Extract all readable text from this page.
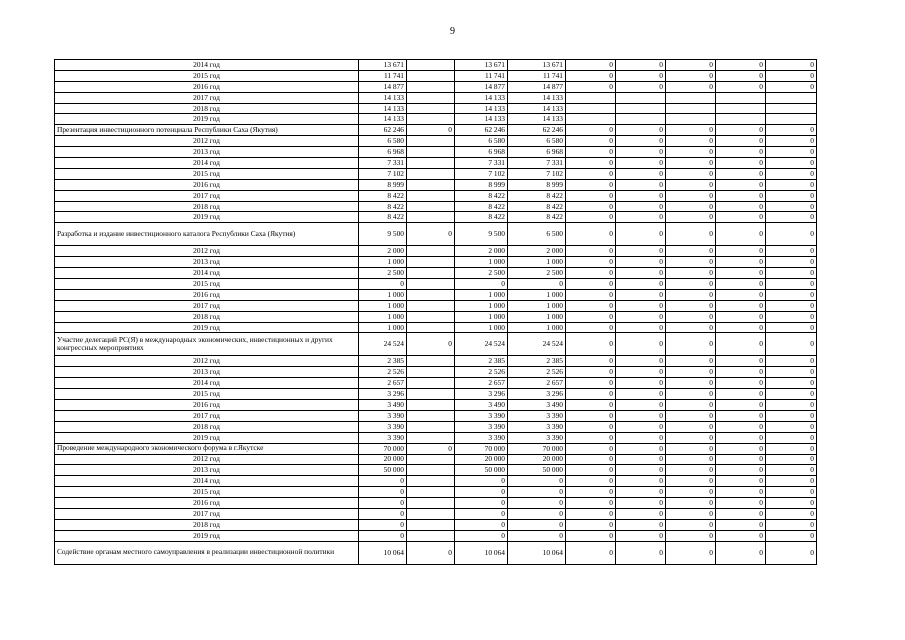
9
2014 год	13 671		13 671	13 671	0	0	0	0	0
2015 год	11 741		11 741	11 741	0	0	0	0	0
2016 год	14 877		14 877	14 877	0	0	0	0	0
2017 год	14 133		14 133	14 133					
2018 год	14 133		14 133	14 133					
2019 год	14 133		14 133	14 133					
Презентация инвестиционного потенциала Республики Саха (Якутия)	62 246	0	62 246	62 246	0	0	0	0	0
2012 год	6 580		6 580	6 580	0	0	0	0	0
2013 год	6 968		6 968	6 968	0	0	0	0	0
2014 год	7 331		7 331	7 331	0	0	0	0	0
2015 год	7 102		7 102	7 102	0	0	0	0	0
2016 год	8 999		8 999	8 999	0	0	0	0	0
2017 год	8 422		8 422	8 422	0	0	0	0	0
2018 год	8 422		8 422	8 422	0	0	0	0	0
2019 год	8 422		8 422	8 422	0	0	0	0	0
Разработка и издание инвестиционного каталога Республики Саха (Якутия)	9 500	0	9 500	6 500	0	0	0	0	0
2012 год	2 000		2 000	2 000	0	0	0	0	0
2013 год	1 000		1 000	1 000	0	0	0	0	0
2014 год	2 500		2 500	2 500	0	0	0	0	0
2015 год	0		0	0	0	0	0	0	0
2016 год	1 000		1 000	1 000	0	0	0	0	0
2017 год	1 000		1 000	1 000	0	0	0	0	0
2018 год	1 000		1 000	1 000	0	0	0	0	0
2019 год	1 000		1 000	1 000	0	0	0	0	0
Участие делегаций РС(Я) в международных экономических, инвестиционных и других конгрессных мероприятиях	24 524	0	24 524	24 524	0	0	0	0	0
2012 год	2 385		2 385	2 385	0	0	0	0	0
2013 год	2 526		2 526	2 526	0	0	0	0	0
2014 год	2 657		2 657	2 657	0	0	0	0	0
2015 год	3 296		3 296	3 296	0	0	0	0	0
2016 год	3 490		3 490	3 490	0	0	0	0	0
2017 год	3 390		3 390	3 390	0	0	0	0	0
2018 год	3 390		3 390	3 390	0	0	0	0	0
2019 год	3 390		3 390	3 390	0	0	0	0	0
Проведение международного экономического форума в г.Якутске	70 000	0	70 000	70 000	0	0	0	0	0
2012 год	20 000		20 000	20 000	0	0	0	0	0
2013 год	50 000		50 000	50 000	0	0	0	0	0
2014 год	0		0	0	0	0	0	0	0
2015 год	0		0	0	0	0	0	0	0
2016 год	0		0	0	0	0	0	0	0
2017 год	0		0	0	0	0	0	0	0
2018 год	0		0	0	0	0	0	0	0
2019 год	0		0	0	0	0	0	0	0
Содействие органам местного самоуправления в реализации инвестиционной политики	10 064	0	10 064	10 064	0	0	0	0	0
